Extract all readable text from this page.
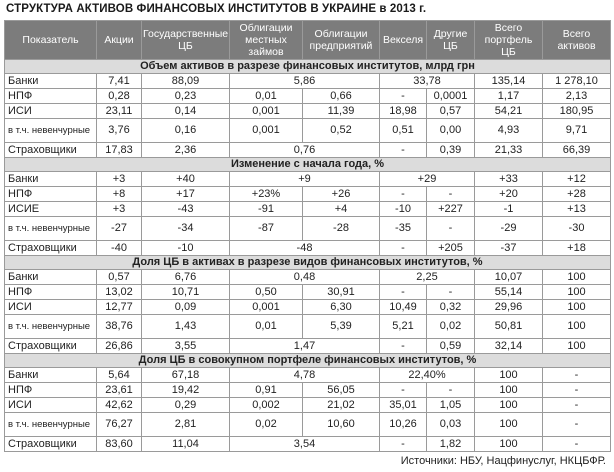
СТРУКТУРА АКТИВОВ ФИНАНСОВЫХ ИНСТИТУТОВ В УКРАИНЕ в 2013 г.
Показатель	Акции	Государственные ЦБ	Облигации местных займов	Облигации предприятий	Векселя	Другие ЦБ	Всего портфель ЦБ	Всего активов
Объем активов в разрезе финансовых институтов, млрд грн								
Банки	7,41	88,09	5,86		33,78		135,14	1 278,10
НПФ	0,28	0,23	0,01	0,66	-	0,0001	1,17	2,13
ИСИ	23,11	0,14	0,001	11,39	18,98	0,57	54,21	180,95
в т.ч. невенчурные	3,76	0,16	0,001	0,52	0,51	0,00	4,93	9,71
Страховщики	17,83	2,36	0,76		-	0,39	21,33	66,39
Изменение с начала года, %								
Банки	+3	+40	+9		+29		+33	+12
НПФ	+8	+17	+23%	+26	-	-	+20	+28
ИСИЕ	+3	-43	-91	+4	-10	+227	-1	+13
в т.ч. невенчурные	-27	-34	-87	-28	-35	-	-29	-30
Страховщики	-40	-10	-48		-	+205	-37	+18
Доля ЦБ в активах в разрезе видов финансовых институтов, %								
Банки	0,57	6,76	0,48		2,25		10,07	100
НПФ	13,02	10,71	0,50	30,91	-	-	55,14	100
ИСИ	12,77	0,09	0,001	6,30	10,49	0,32	29,96	100
в т.ч. невенчурные	38,76	1,43	0,01	5,39	5,21	0,02	50,81	100
Страховщики	26,86	3,55	1,47		-	0,59	32,14	100
Доля ЦБ в совокупном портфеле финансовых институтов, %								
Банки	5,64	67,18	4,78		22,40%		100	-
НПФ	23,61	19,42	0,91	56,05	-	-	100	-
ИСИ	42,62	0,29	0,002	21,02	35,01	1,05	100	-
в т.ч. невенчурные	76,27	2,81	0,02	10,60	10,26	0,03	100	-
Страховщики	83,60	11,04	3,54		-	1,82	100	-
Источники: НБУ, Нацфинуслуг, НКЦБФР.
